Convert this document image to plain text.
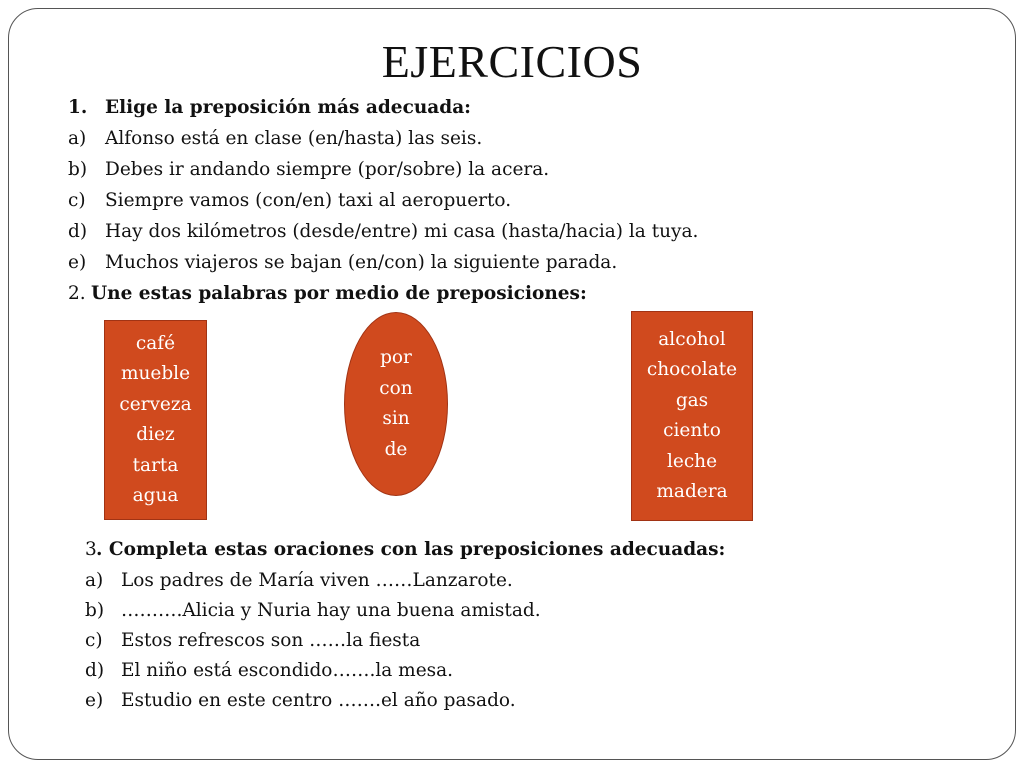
EJERCICIOS
1. Elige la preposición más adecuada:
a) Alfonso está en clase (en/hasta) las seis.
b) Debes ir andando siempre (por/sobre) la acera.
c) Siempre vamos (con/en) taxi al aeropuerto.
d) Hay dos kilómetros (desde/entre) mi casa (hasta/hacia) la tuya.
e) Muchos viajeros se bajan (en/con) la siguiente parada.
2. Une estas palabras por medio de preposiciones:
café
mueble
cerveza
diez
tarta
agua
por
con
sin
de
alcohol
chocolate
gas
ciento
leche
madera
3 . Completa estas oraciones con las preposiciones adecuadas:
a) Los padres de María viven ……Lanzarote.
b) ……….Alicia y Nuria hay una buena amistad.
c) Estos refrescos son ……la fiesta
d) El niño está escondido…….la mesa.
e) Estudio en este centro …….el año pasado.
